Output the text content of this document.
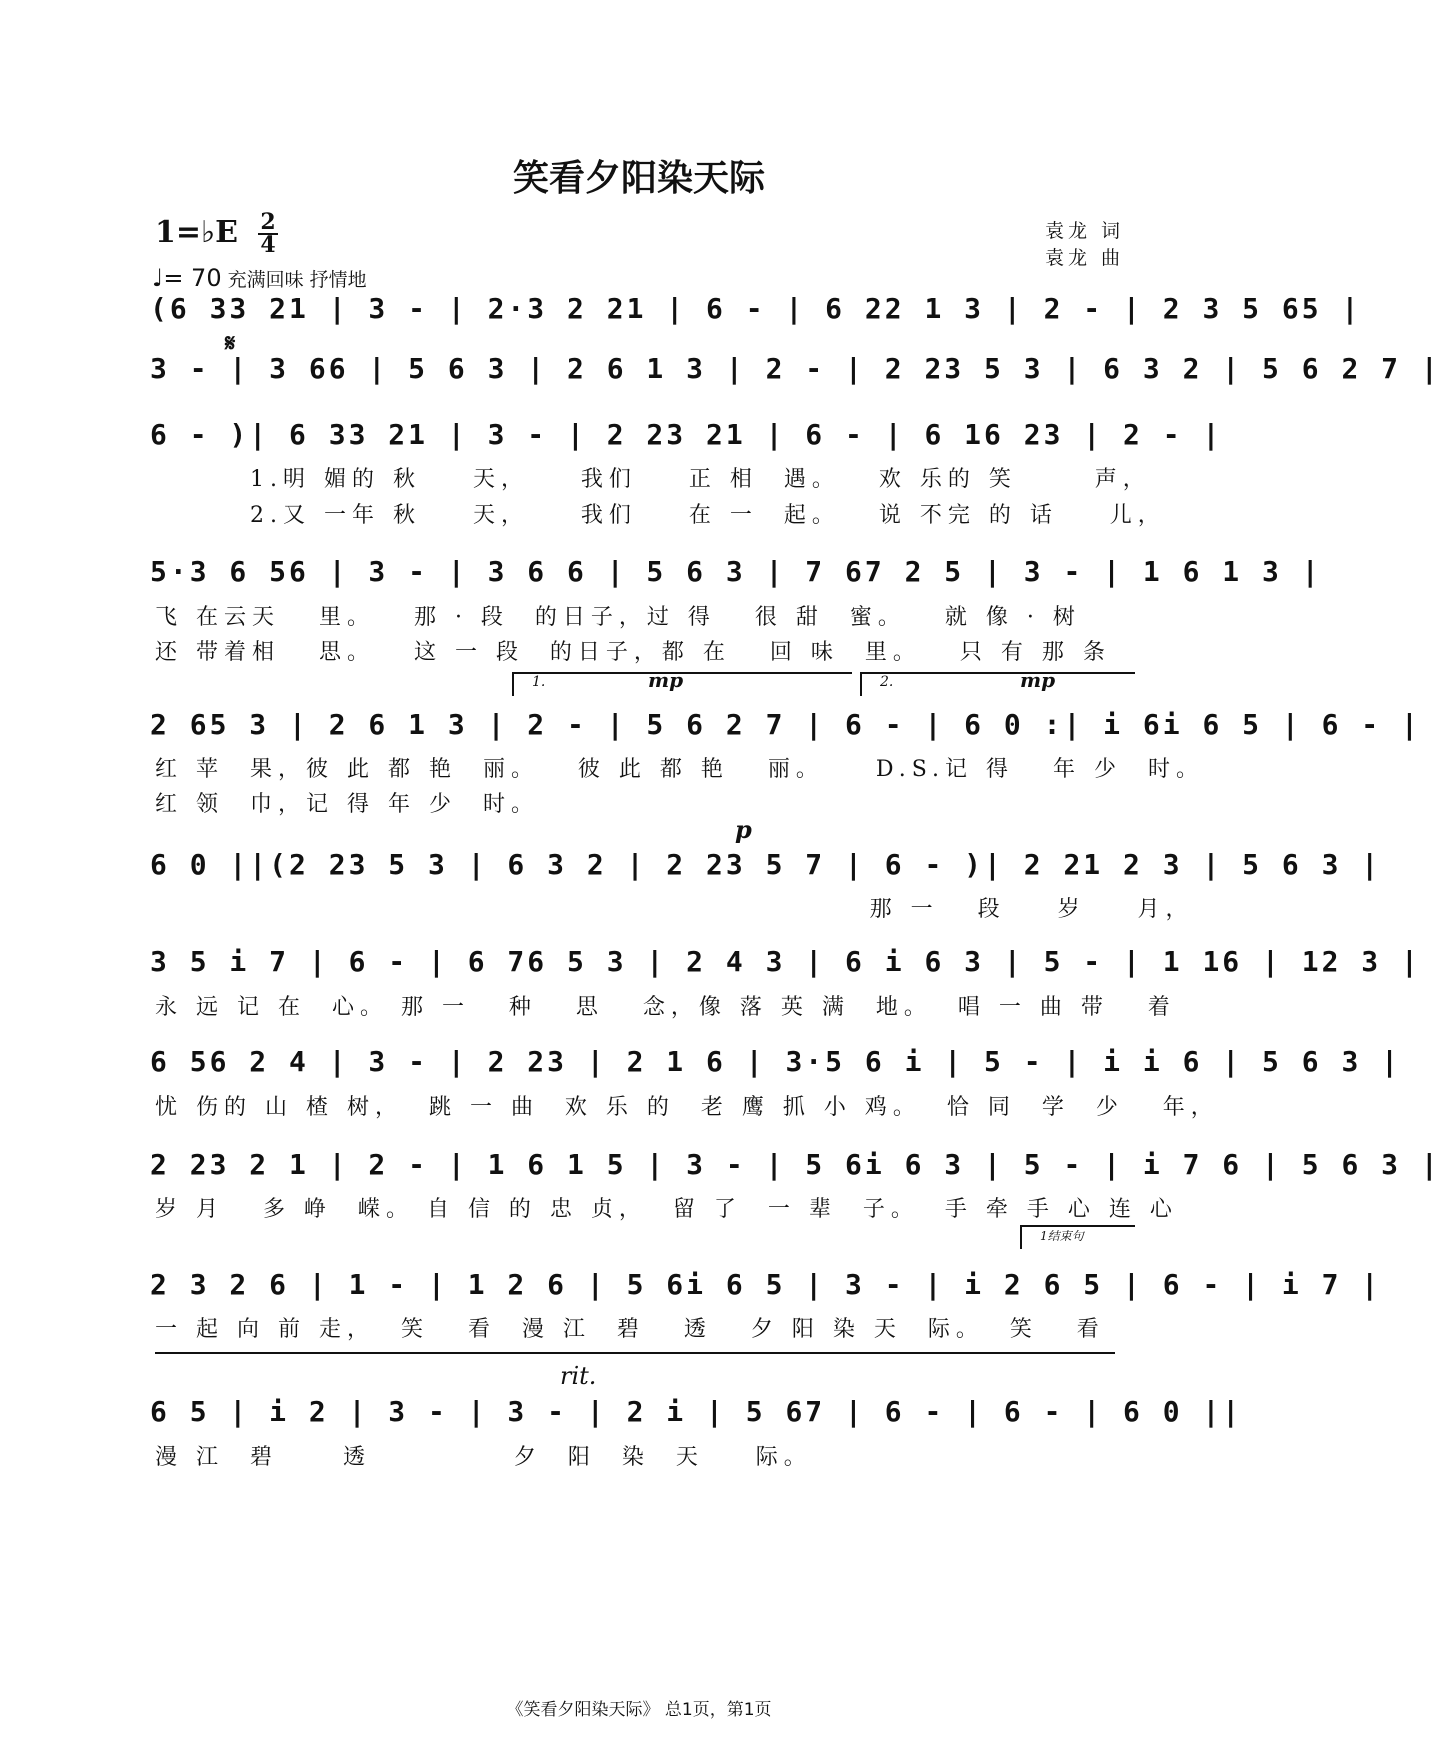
笑看夕阳染天际
1=♭E 2
4
♩= 70 充满回味 抒情地
袁龙 词
袁龙 曲
(6 33 21 | 3 - | 2·3 2 21 | 6 - | 6 22 1 3 | 2 - | 2 3 5 65 |
3 - | 3 66 | 5 6 3 | 2 6 1 3 | 2 - | 2 23 5 3 | 6 3 2 | 5 6 2 7 |
𝄋
6 - )| 6 33 21 | 3 - | 2 23 21 | 6 - | 6 16 23 | 2 - |
1.明 媚的 秋    天，    我们    正 相  遇。   欢 乐的 笑      声，
2.又 一年 秋    天，    我们    在 一  起。   说 不完 的 话    儿，
5·3 6 56 | 3 - | 3 6 6 | 5 6 3 | 7 67 2 5 | 3 - | 1 6 1 3 |
飞 在云天   里。   那 · 段  的日子，过 得   很 甜  蜜。   就 像 · 树
还 带着相   思。   这 一 段  的日子，都 在   回 味  里。   只 有 那 条
1.	2.
mp	mp
2 65 3 | 2 6 1 3 | 2 - | 5 6 2 7 | 6 - | 6 0 :| i 6i 6 5 | 6 - |
红 苹  果，彼 此 都 艳  丽。   彼 此 都 艳   丽。    D.S.记 得   年 少  时。
红 领  巾，记 得 年 少  时。
p
6 0 ||(2 23 5 3 | 6 3 2 | 2 23 5 7 | 6 - )| 2 21 2 3 | 5 6 3 |
那 一   段    岁    月，
3 5 i 7 | 6 - | 6 76 5 3 | 2 4 3 | 6 i 6 3 | 5 - | 1 16 | 12 3 |
永 远 记 在  心。 那 一   种   思   念，像 落 英 满  地。  唱 一 曲 带   着
6 56 2 4 | 3 - | 2 23 | 2 1 6 | 3·5 6 i | 5 - | i i 6 | 5 6 3 |
忧 伤的 山 楂 树，  跳 一 曲  欢 乐 的  老 鹰 抓 小 鸡。  恰 同  学  少   年，
2 23 2 1 | 2 - | 1 6 1 5 | 3 - | 5 6i 6 3 | 5 - | i 7 6 | 5 6 3 |
岁 月   多 峥  嵘。 自 信 的 忠 贞，  留 了  一 辈  子。  手 牵 手 心 连 心
1结束句
2 3 2 6 | 1 - | 1 2 6 | 5 6i 6 5 | 3 - | i 2 6 5 | 6 - | i 7 |
一 起 向 前 走，  笑   看  漫 江  碧   透   夕 阳 染 天  际。  笑   看
rit.
6 5 | i 2 | 3 - | 3 - | 2 i | 5 67 | 6 - | 6 - | 6 0 ||
漫 江  碧     透           夕  阳  染  天    际。
《笑看夕阳染天际》 总1页，第1页
